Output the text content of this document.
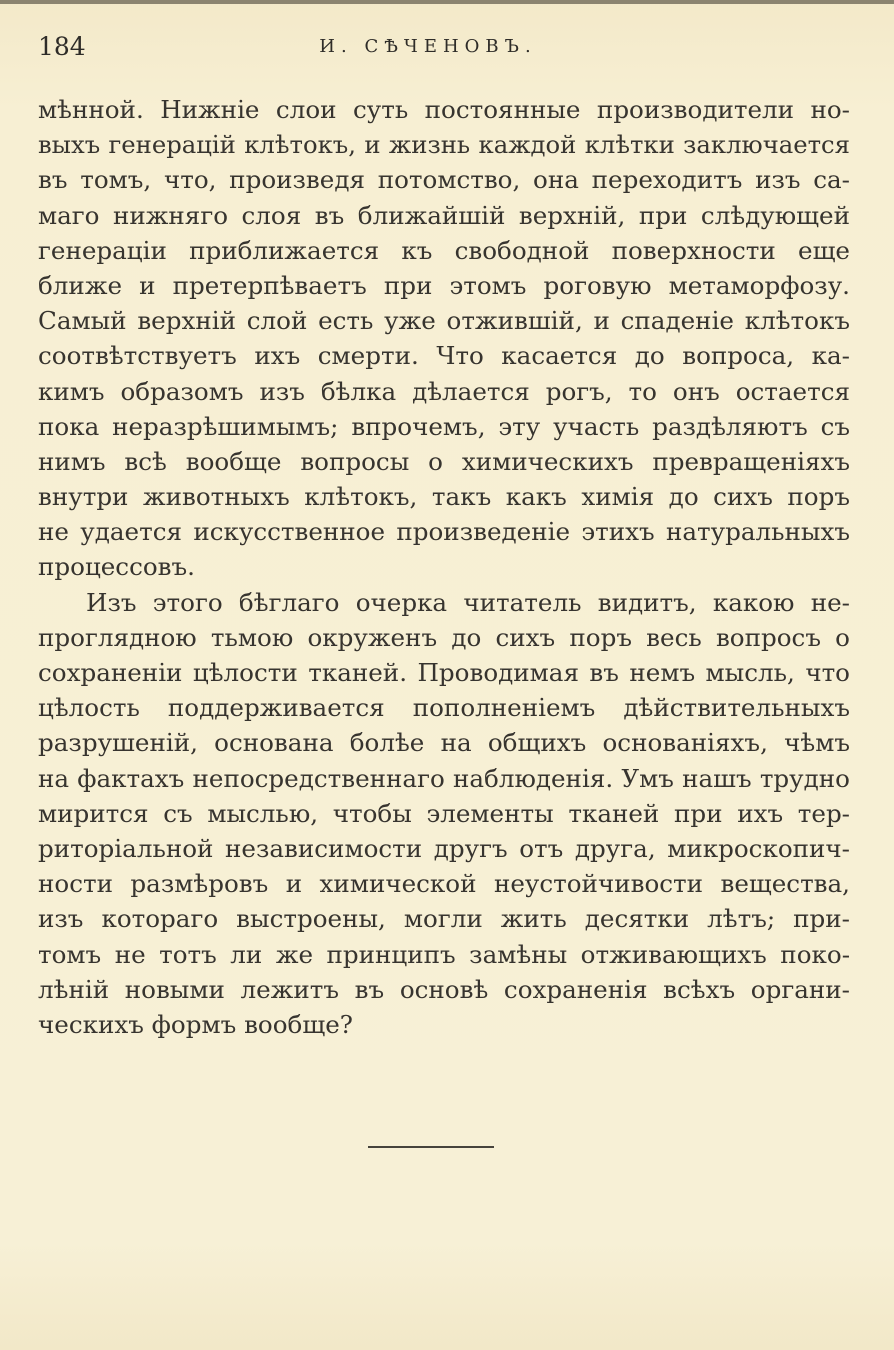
184	И. СѢЧЕНОВЪ.
мѣнной. Нижніе слои суть постоянные производители но-
выхъ генерацій клѣтокъ, и жизнь каждой клѣтки заключается
въ томъ, что, произведя потомство, она переходитъ изъ са-
маго нижняго слоя въ ближайшій верхній, при слѣдующей
генераціи приближается къ свободной поверхности еще
ближе и претерпѣваетъ при этомъ роговую метаморфозу.
Самый верхній слой есть уже отжившій, и спаденіе клѣтокъ
соотвѣтствуетъ ихъ смерти. Что касается до вопроса, ка-
кимъ образомъ изъ бѣлка дѣлается рогъ, то онъ остается
пока неразрѣшимымъ; впрочемъ, эту участь раздѣляютъ съ
нимъ всѣ вообще вопросы о химическихъ превращеніяхъ
внутри животныхъ клѣтокъ, такъ какъ химія до сихъ поръ
не удается искусственное произведеніе этихъ натуральныхъ
процессовъ.
Изъ этого бѣглаго очерка читатель видитъ, какою не-
проглядною тьмою окруженъ до сихъ поръ весь вопросъ о
сохраненіи цѣлости тканей. Проводимая въ немъ мысль, что
цѣлость поддерживается пополненіемъ дѣйствительныхъ
разрушеній, основана болѣе на общихъ основаніяхъ, чѣмъ
на фактахъ непосредственнаго наблюденія. Умъ нашъ трудно
мирится съ мыслью, чтобы элементы тканей при ихъ тер-
риторіальной независимости другъ отъ друга, микроскопич-
ности размѣровъ и химической неустойчивости вещества,
изъ котораго выстроены, могли жить десятки лѣтъ; при-
томъ не тотъ ли же принципъ замѣны отживающихъ поко-
лѣній новыми лежитъ въ основѣ сохраненія всѣхъ органи-
ческихъ формъ вообще?
